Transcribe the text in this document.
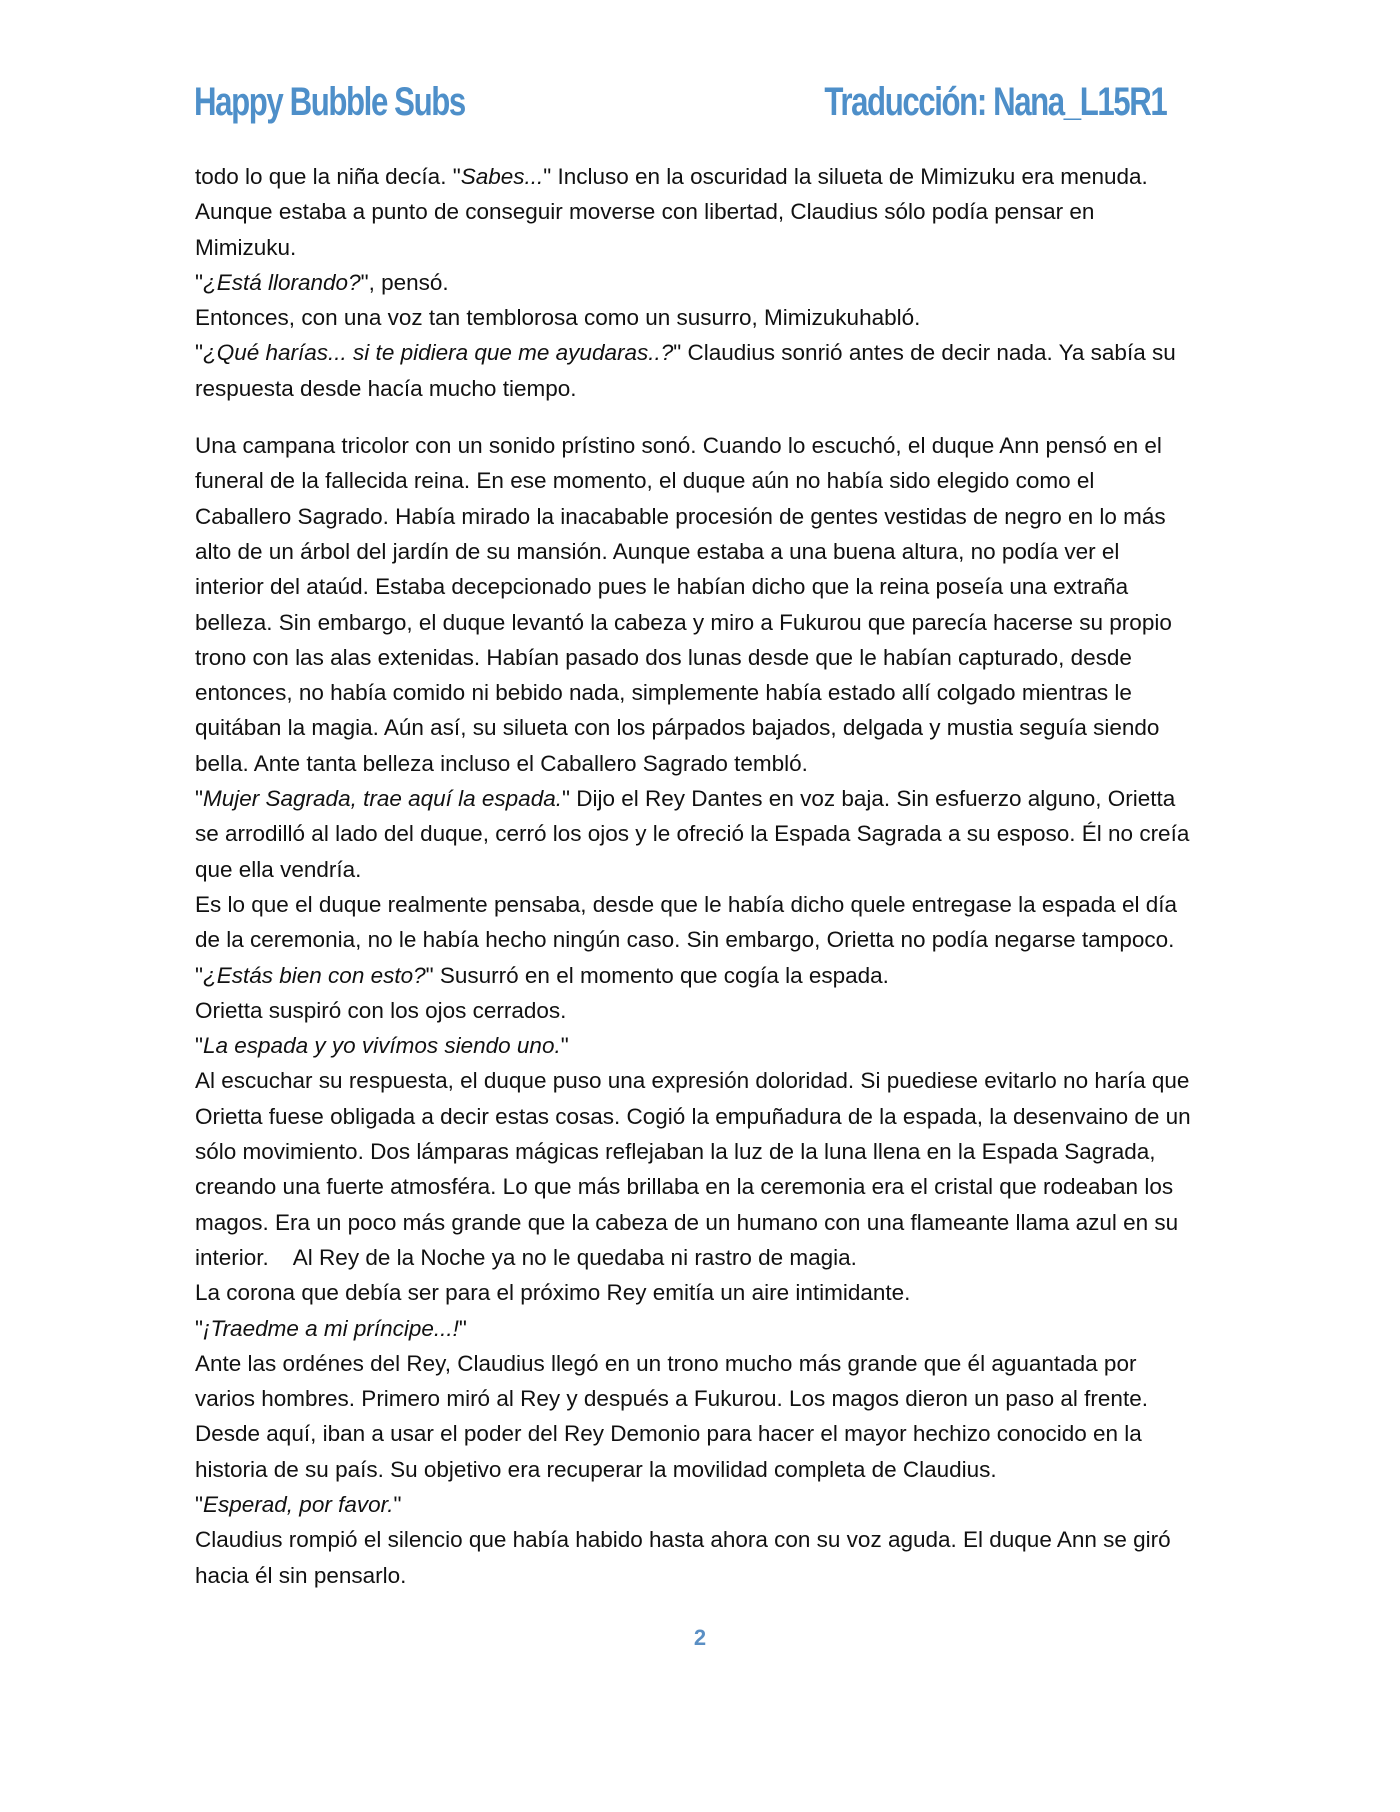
Happy Bubble Subs	Traducción: Nana_L15R1

todo lo que la niña decía. "Sabes..." Incluso en la oscuridad la silueta de Mimizuku era menuda.

Aunque estaba a punto de conseguir moverse con libertad, Claudius sólo podía pensar en

Mimizuku.

"¿Está llorando?", pensó.

Entonces, con una voz tan temblorosa como un susurro, Mimizukuhabló.

"¿Qué harías... si te pidiera que me ayudaras..?" Claudius sonrió antes de decir nada. Ya sabía su

respuesta desde hacía mucho tiempo.

Una campana tricolor con un sonido prístino sonó. Cuando lo escuchó, el duque Ann pensó en el

funeral de la fallecida reina. En ese momento, el duque aún no había sido elegido como el

Caballero Sagrado. Había mirado la inacabable procesión de gentes vestidas de negro en lo más

alto de un árbol del jardín de su mansión. Aunque estaba a una buena altura, no podía ver el

interior del ataúd. Estaba decepcionado pues le habían dicho que la reina poseía una extraña

belleza. Sin embargo, el duque levantó la cabeza y miro a Fukurou que parecía hacerse su propio

trono con las alas extenidas. Habían pasado dos lunas desde que le habían capturado, desde

entonces, no había comido ni bebido nada, simplemente había estado allí colgado mientras le

quitában la magia. Aún así, su silueta con los párpados bajados, delgada y mustia seguía siendo

bella. Ante tanta belleza incluso el Caballero Sagrado tembló.

"Mujer Sagrada, trae aquí la espada." Dijo el Rey Dantes en voz baja. Sin esfuerzo alguno, Orietta

se arrodilló al lado del duque, cerró los ojos y le ofreció la Espada Sagrada a su esposo. Él no creía

que ella vendría.

Es lo que el duque realmente pensaba, desde que le había dicho quele entregase la espada el día

de la ceremonia, no le había hecho ningún caso. Sin embargo, Orietta no podía negarse tampoco.

"¿Estás bien con esto?" Susurró en el momento que cogía la espada.

Orietta suspiró con los ojos cerrados.

"La espada y yo vivímos siendo uno."

Al escuchar su respuesta, el duque puso una expresión doloridad. Si puediese evitarlo no haría que

Orietta fuese obligada a decir estas cosas. Cogió la empuñadura de la espada, la desenvaino de un

sólo movimiento. Dos lámparas mágicas reflejaban la luz de la luna llena en la Espada Sagrada,

creando una fuerte atmosféra. Lo que más brillaba en la ceremonia era el cristal que rodeaban los

magos. Era un poco más grande que la cabeza de un humano con una flameante llama azul en su

interior. Al Rey de la Noche ya no le quedaba ni rastro de magia.

La corona que debía ser para el próximo Rey emitía un aire intimidante.

"¡Traedme a mi príncipe...!"

Ante las ordénes del Rey, Claudius llegó en un trono mucho más grande que él aguantada por

varios hombres. Primero miró al Rey y después a Fukurou. Los magos dieron un paso al frente.

Desde aquí, iban a usar el poder del Rey Demonio para hacer el mayor hechizo conocido en la

historia de su país. Su objetivo era recuperar la movilidad completa de Claudius.

"Esperad, por favor."

Claudius rompió el silencio que había habido hasta ahora con su voz aguda. El duque Ann se giró

hacia él sin pensarlo.

2
